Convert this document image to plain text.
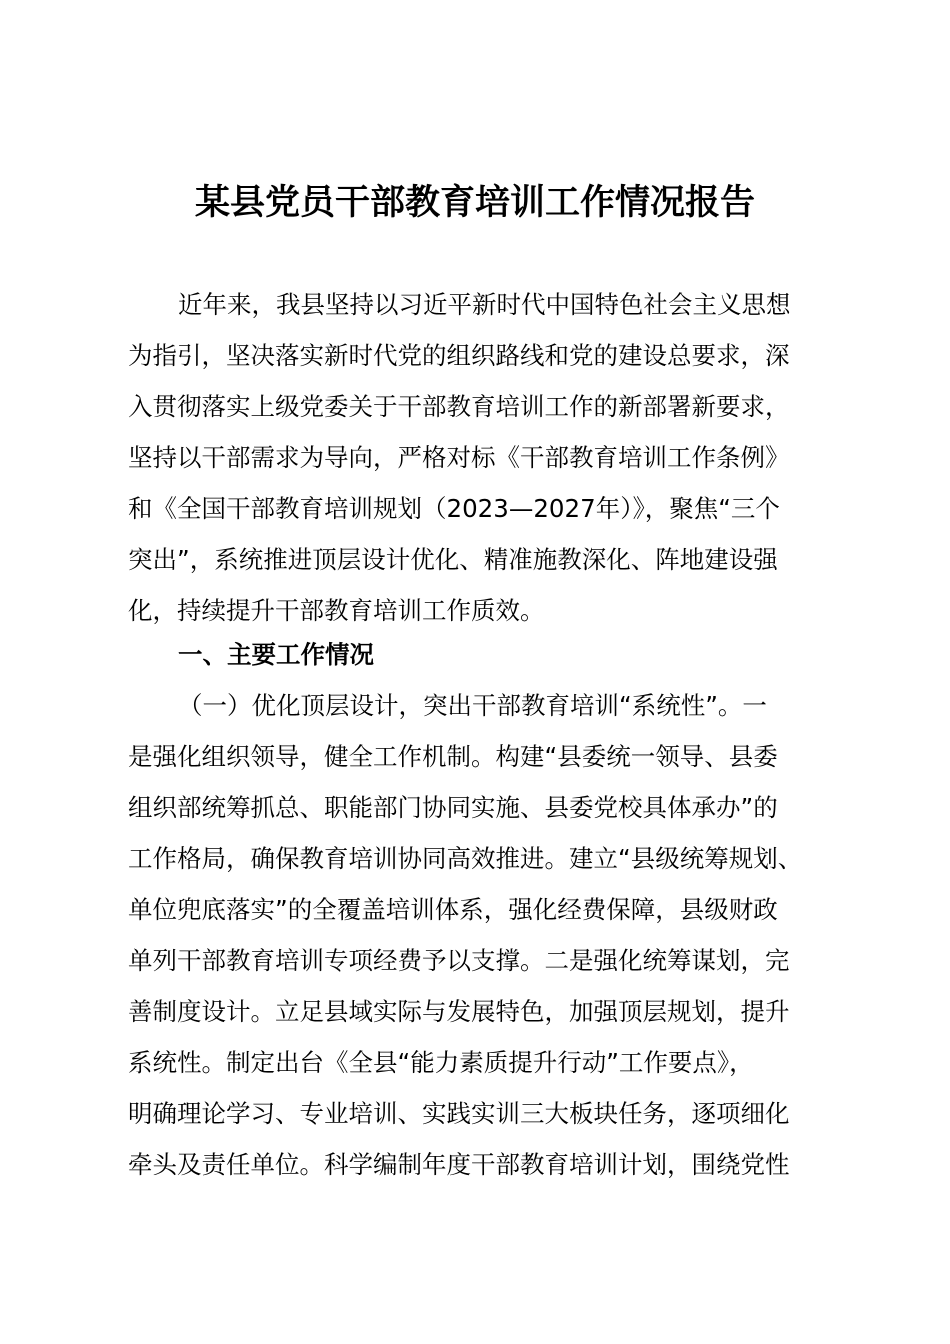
某县党员干部教育培训工作情况报告
近年来，我县坚持以习近平新时代中国特色社会主义思想
为指引，坚决落实新时代党的组织路线和党的建设总要求，深
入贯彻落实上级党委关于干部教育培训工作的新部署新要求，
坚持以干部需求为导向，严格对标《干部教育培训工作条例》
和《全国干部教育培训规划（2023—2027年）》，聚焦“三个
突出”，系统推进顶层设计优化、精准施教深化、阵地建设强
化，持续提升干部教育培训工作质效。
一、主要工作情况
（一）优化顶层设计，突出干部教育培训“系统性”。一
是强化组织领导，健全工作机制。构建“县委统一领导、县委
组织部统筹抓总、职能部门协同实施、县委党校具体承办”的
工作格局，确保教育培训协同高效推进。建立“县级统筹规划、
单位兜底落实”的全覆盖培训体系，强化经费保障，县级财政
单列干部教育培训专项经费予以支撑。二是强化统筹谋划，完
善制度设计。立足县域实际与发展特色，加强顶层规划，提升
系统性。制定出台《全县“能力素质提升行动”工作要点》，
明确理论学习、专业培训、实践实训三大板块任务，逐项细化
牵头及责任单位。科学编制年度干部教育培训计划，围绕党性
